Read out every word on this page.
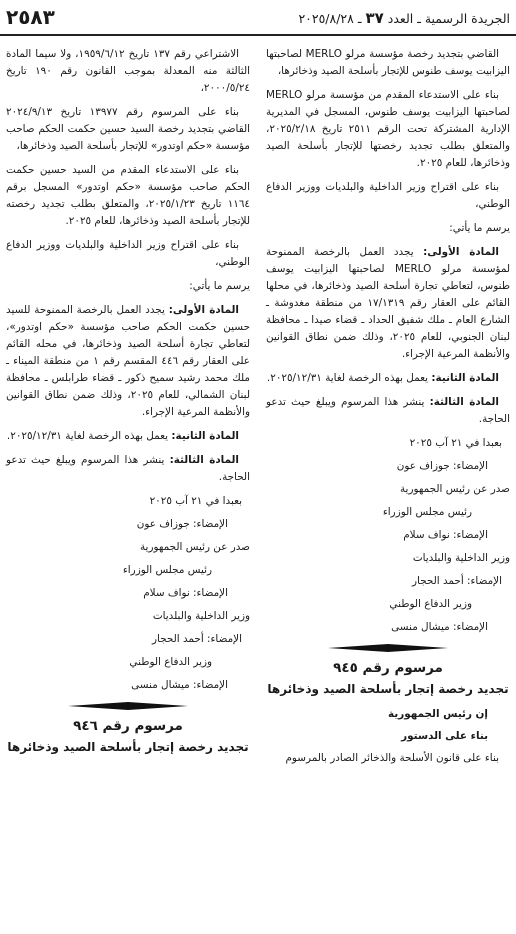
الجريدة الرسمية ـ العدد ٣٧ ـ ٢٠٢٥/٨/٢٨
٢٥٨٣

القاضي بتجديد رخصة مؤسسة مرلو MERLO لصاحبتها اليزابيت يوسف طنوس للإتجار بأسلحة الصيد وذخائرها،

بناء على الاستدعاء المقدم من مؤسسة مرلو MERLO لصاحبتها اليزابيت يوسف طنوس، المسجل في المديرية الإدارية المشتركة تحت الرقم ٢٥١١ تاريخ ٢٠٢٥/٢/١٨، والمتعلق بطلب تجديد رخصتها للإتجار بأسلحة الصيد وذخائرها، للعام ٢٠٢٥.

بناء على اقتراح وزير الداخلية والبلديات ووزير الدفاع الوطني،

يرسم ما يأتي:

المادة الأولى: يجدد العمل بالرخصة الممنوحة لمؤسسة مرلو MERLO لصاحبتها اليزابيت يوسف طنوس، لتعاطي تجارة أسلحة الصيد وذخائرها، في محلها القائم على العقار رقم ١٧/١٣١٩ من منطقة مغدوشة ـ الشارع العام ـ ملك شفيق الحداد ـ قضاء صيدا ـ محافظة لبنان الجنوبي، للعام ٢٠٢٥، وذلك ضمن نطاق القوانين والأنظمة المرعية الإجراء.

المادة الثانية: يعمل بهذه الرخصة لغاية ٢٠٢٥/١٢/٣١.

المادة الثالثة: ينشر هذا المرسوم ويبلغ حيث تدعو الحاجة.

بعبدا في ٢١ آب ٢٠٢٥

الإمضاء: جوزاف عون

صدر عن رئيس الجمهورية

رئيس مجلس الوزراء

الإمضاء: نواف سلام

وزير الداخلية والبلديات

الإمضاء: أحمد الحجار

وزير الدفاع الوطني

الإمضاء: ميشال منسى

مرسوم رقم ٩٤٥
تجديد رخصة إتجار بأسلحة الصيد وذخائرها
إن رئيس الجمهورية
بناء على الدستور

بناء على قانون الأسلحة والذخائر الصادر بالمرسوم

الاشتراعي رقم ١٣٧ تاريخ ١٩٥٩/٦/١٢، ولا سيما المادة الثالثة منه المعدلة بموجب القانون رقم ١٩٠ تاريخ ٢٠٠٠/٥/٢٤،

بناء على المرسوم رقم ١٣٩٧٧ تاريخ ٢٠٢٤/٩/١٣ القاضي بتجديد رخصة السيد حسين حكمت الحكم صاحب مؤسسة «حكم اوتدور» للإتجار بأسلحة الصيد وذخائرها،

بناء على الاستدعاء المقدم من السيد حسين حكمت الحكم صاحب مؤسسة «حكم اوتدور» المسجل برقم ١١٦٤ تاريخ ٢٠٢٥/١/٢٣، والمتعلق بطلب تجديد رخصته للإتجار بأسلحة الصيد وذخائرها، للعام ٢٠٢٥.

بناء على اقتراح وزير الداخلية والبلديات ووزير الدفاع الوطني،

يرسم ما يأتي:

المادة الأولى: يجدد العمل بالرخصة الممنوحة للسيد حسين حكمت الحكم صاحب مؤسسة «حكم اوتدور»، لتعاطي تجارة أسلحة الصيد وذخائرها، في محله القائم على العقار رقم ٤٤٦ المقسم رقم ١ من منطقة الميناء ـ ملك محمد رشيد سميح ذكور ـ قضاء طرابلس ـ محافظة لبنان الشمالي، للعام ٢٠٢٥، وذلك ضمن نطاق القوانين والأنظمة المرعية الإجراء.

المادة الثانية: يعمل بهذه الرخصة لغاية ٢٠٢٥/١٢/٣١.

المادة الثالثة: ينشر هذا المرسوم ويبلغ حيث تدعو الحاجة.

بعبدا في ٢١ آب ٢٠٢٥

الإمضاء: جوزاف عون

صدر عن رئيس الجمهورية

رئيس مجلس الوزراء

الإمضاء: نواف سلام

وزير الداخلية والبلديات

الإمضاء: أحمد الحجار

وزير الدفاع الوطني

الإمضاء: ميشال منسى

مرسوم رقم ٩٤٦
تجديد رخصة إتجار بأسلحة الصيد وذخائرها
